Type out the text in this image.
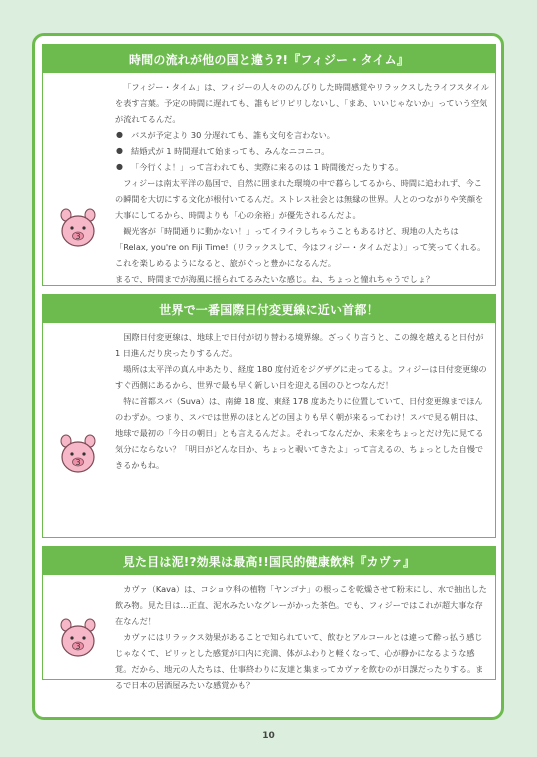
時間の流れが他の国と違う?!『フィジー・タイム』
3

「フィジー・タイム」は、フィジーの人々ののんびりした時間感覚やリラックスしたライフスタイルを表す言葉。予定の時間に遅れても、誰もピリピリしないし、「まあ、いいじゃないか」っていう空気が流れてるんだ。

● バスが予定より 30 分遅れても、誰も文句を言わない。
● 結婚式が 1 時間遅れて始まっても、みんなニコニコ。
● 「今行くよ！」って言われても、実際に来るのは 1 時間後だったりする。

フィジーは南太平洋の島国で、自然に囲まれた環境の中で暮らしてるから、時間に追われず、今この瞬間を大切にする文化が根付いてるんだ。ストレス社会とは無縁の世界。人とのつながりや笑顔を大事にしてるから、時間よりも「心の余裕」が優先されるんだよ。

観光客が「時間通りに動かない！」ってイライラしちゃうこともあるけど、現地の人たちは「Relax, you're on Fiji Time!（リラックスして、今はフィジー・タイムだよ）」って笑ってくれる。これを楽しめるようになると、旅がぐっと豊かになるんだ。

まるで、時間までが海風に揺られてるみたいな感じ。ね、ちょっと憧れちゃうでしょ？

世界で一番国際日付変更線に近い首都！
3

国際日付変更線は、地球上で日付が切り替わる境界線。ざっくり言うと、この線を越えると日付が 1 日進んだり戻ったりするんだ。

場所は太平洋の真ん中あたり、経度 180 度付近をジグザグに走ってるよ。フィジーは日付変更線のすぐ西側にあるから、世界で最も早く新しい日を迎える国のひとつなんだ！

特に首都スバ（Suva）は、南緯 18 度、東経 178 度あたりに位置していて、日付変更線までほんのわずか。つまり、スバでは世界のほとんどの国よりも早く朝が来るってわけ！スバで見る朝日は、地球で最初の「今日の朝日」とも言えるんだよ。それってなんだか、未来をちょっとだけ先に見てる気分にならない？「明日がどんな日か、ちょっと覗いてきたよ」って言えるの、ちょっとした自慢できるかもね。

見た目は泥!?効果は最高!!国民的健康飲料『カヴァ』
3

カヴァ（Kava）は、コショウ科の植物「ヤンゴナ」の根っこを乾燥させて粉末にし、水で抽出した飲み物。見た目は…正直、泥水みたいなグレーがかった茶色。でも、フィジーではこれが超大事な存在なんだ！

カヴァにはリラックス効果があることで知られていて、飲むとアルコールとは違って酔っ払う感じじゃなくて、ピリッとした感覚が口内に充満、体がふわりと軽くなって、心が静かになるような感覚。だから、地元の人たちは、仕事終わりに友達と集まってカヴァを飲むのが日課だったりする。まるで日本の居酒屋みたいな感覚かも？

10
